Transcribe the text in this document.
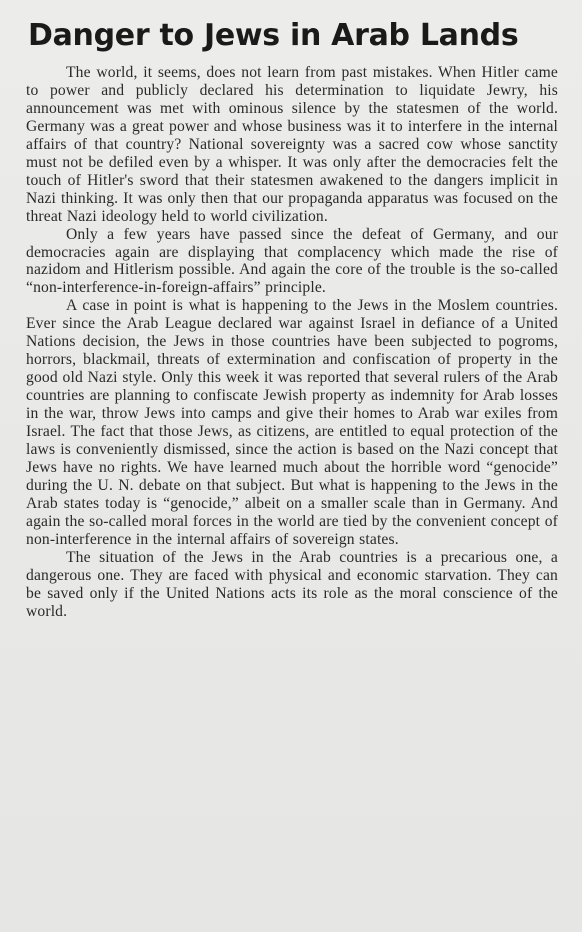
Danger to Jews in Arab Lands

The world, it seems, does not learn from past mistakes. When Hitler came to power and publicly declared his determination to liquidate Jewry, his announcement was met with ominous silence by the statesmen of the world. Germany was a great power and whose business was it to interfere in the internal affairs of that country? National sovereignty was a sacred cow whose sanctity must not be defiled even by a whisper. It was only after the democracies felt the touch of Hitler's sword that their statesmen awakened to the dangers implicit in Nazi thinking. It was only then that our propaganda apparatus was focused on the threat Nazi ideology held to world civilization.

Only a few years have passed since the defeat of Germany, and our democracies again are displaying that complacency which made the rise of nazidom and Hitlerism possible. And again the core of the trouble is the so-called “non-interference-in-foreign-affairs” principle.

A case in point is what is happening to the Jews in the Moslem countries. Ever since the Arab League declared war against Israel in defiance of a United Nations decision, the Jews in those countries have been subjected to pogroms, horrors, blackmail, threats of extermination and confiscation of property in the good old Nazi style. Only this week it was reported that several rulers of the Arab countries are planning to confiscate Jewish property as indemnity for Arab losses in the war, throw Jews into camps and give their homes to Arab war exiles from Israel. The fact that those Jews, as citizens, are entitled to equal protection of the laws is conveniently dismissed, since the action is based on the Nazi concept that Jews have no rights. We have learned much about the horrible word “genocide” during the U. N. debate on that subject. But what is happening to the Jews in the Arab states today is “genocide,” albeit on a smaller scale than in Germany. And again the so-called moral forces in the world are tied by the convenient concept of non-interference in the internal affairs of sovereign states.

The situation of the Jews in the Arab countries is a precarious one, a dangerous one. They are faced with physical and economic starvation. They can be saved only if the United Nations acts its role as the moral conscience of the world.
